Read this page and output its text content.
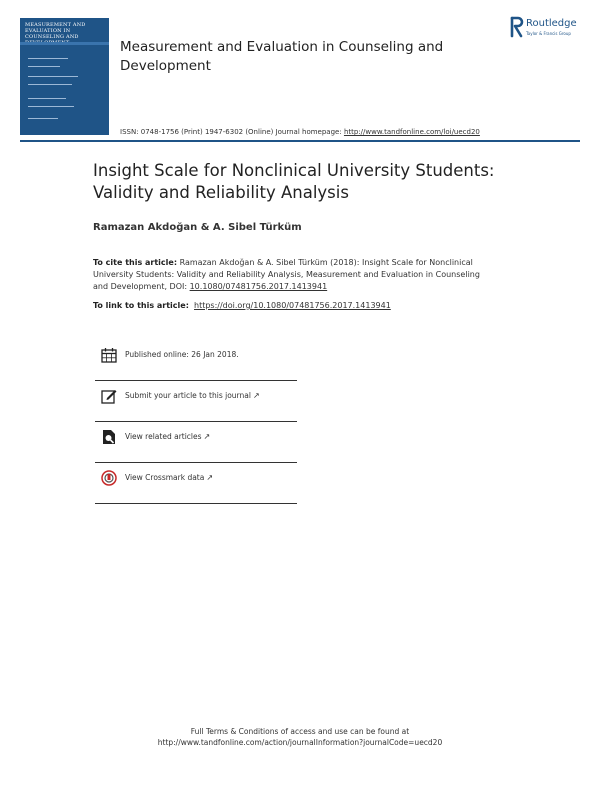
MEASUREMENT AND EVALUATION IN
COUNSELING AND
Measurement and Evaluation in Counseling and Development
ISSN: 0748-1756 (Print) 1947-6302 (Online) Journal homepage: http://www.tandfonline.com/loi/uecd20
Routledge
Taylor & Francis Group
Insight Scale for Nonclinical University Students: Validity and Reliability Analysis
Ramazan Akdoğan & A. Sibel Türküm
To cite this article: Ramazan Akdoğan & A. Sibel Türküm (2018): Insight Scale for Nonclinical University Students: Validity and Reliability Analysis, Measurement and Evaluation in Counseling and Development, DOI: 10.1080/07481756.2017.1413941
To link to this article: https://doi.org/10.1080/07481756.2017.1413941
Published online: 26 Jan 2018.
Submit your article to this journal ↗
View related articles ↗
View Crossmark data ↗
Full Terms & Conditions of access and use can be found at
http://www.tandfonline.com/action/journalInformation?journalCode=uecd20
